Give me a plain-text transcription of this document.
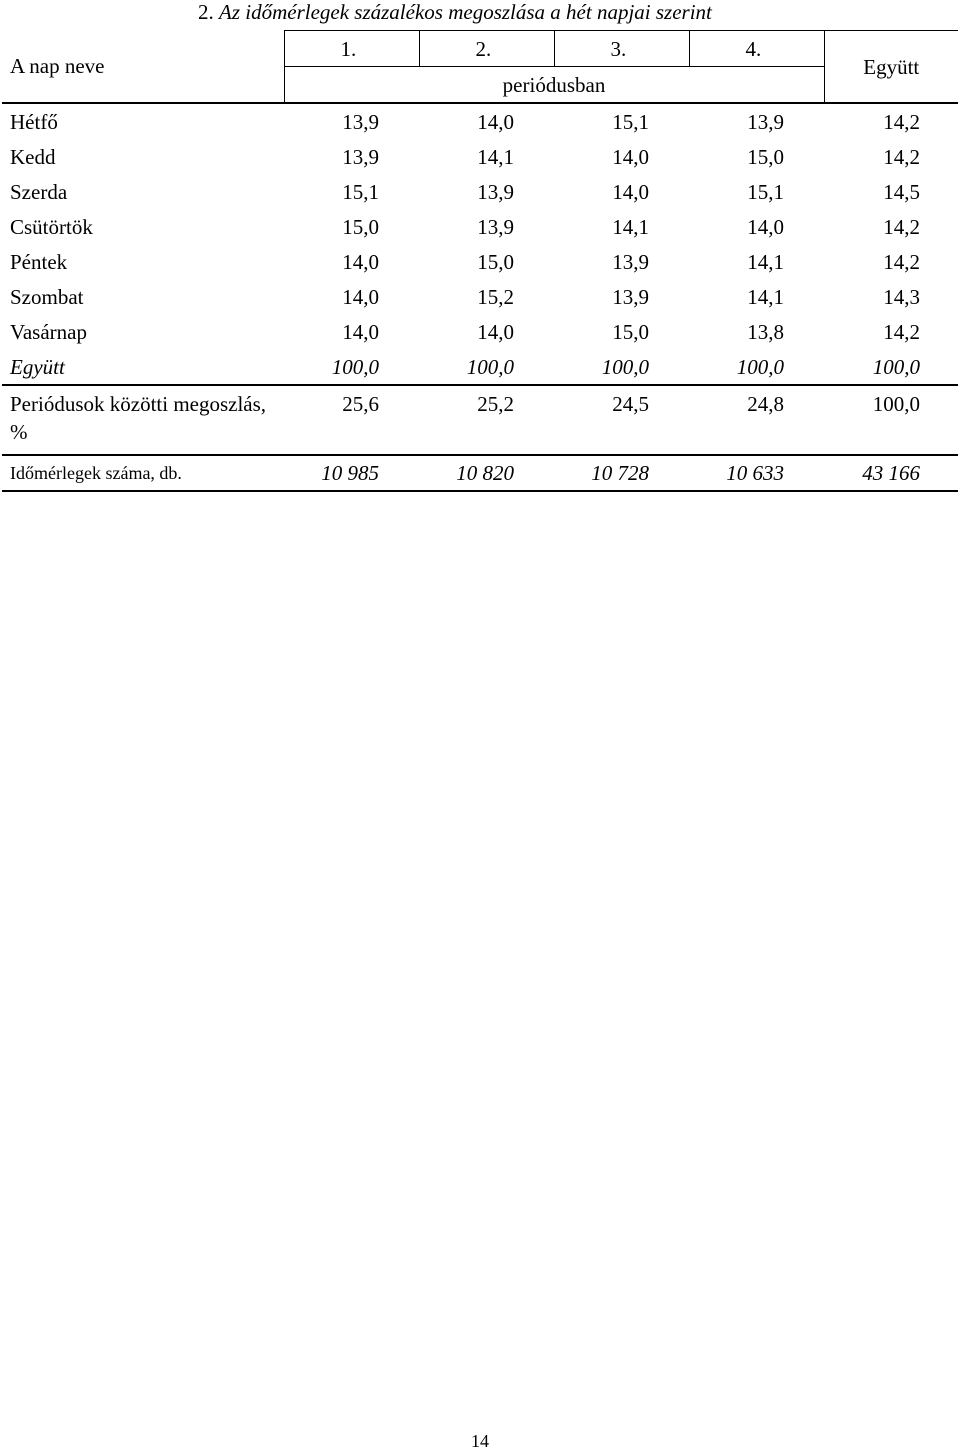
2. Az időmérlegek százalékos megoszlása a hét napjai szerint
A nap neve	1.	2.	3.	4.	Együtt
	periódusban				
Hétfő	13,9	14,0	15,1	13,9	14,2
Kedd	13,9	14,1	14,0	15,0	14,2
Szerda	15,1	13,9	14,0	15,1	14,5
Csütörtök	15,0	13,9	14,1	14,0	14,2
Péntek	14,0	15,0	13,9	14,1	14,2
Szombat	14,0	15,2	13,9	14,1	14,3
Vasárnap	14,0	14,0	15,0	13,8	14,2
Együtt	100,0	100,0	100,0	100,0	100,0
Periódusok közötti megoszlás, %	25,6	25,2	24,5	24,8	100,0
Időmérlegek száma, db.	10 985	10 820	10 728	10 633	43 166
14
